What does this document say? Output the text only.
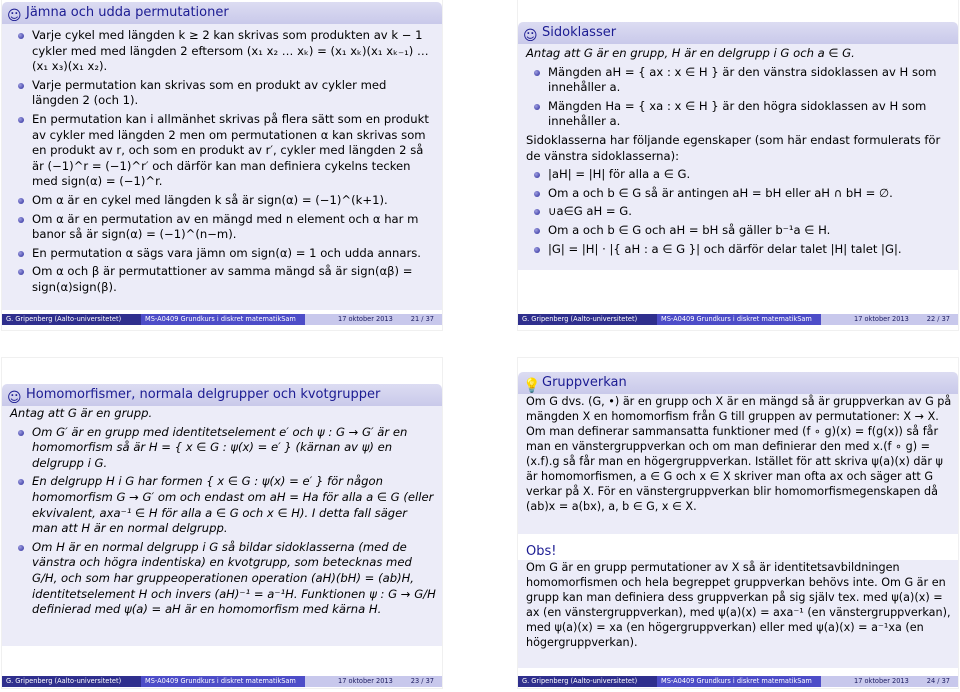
☺ Jämna och udda permutationer
Varje cykel med längden k ≥ 2 kan skrivas som produkten av k − 1 cykler med med längden 2 eftersom (x₁ x₂ … xₖ) = (x₁ xₖ)(x₁ xₖ₋₁) … (x₁ x₃)(x₁ x₂).
Varje permutation kan skrivas som en produkt av cykler med längden 2 (och 1).
En permutation kan i allmänhet skrivas på flera sätt som en produkt av cykler med längden 2 men om permutationen α kan skrivas som en produkt av r, och som en produkt av r′, cykler med längden 2 så är (−1)^r = (−1)^r′ och därför kan man definiera cykelns tecken med sign(α) = (−1)^r.
Om α är en cykel med längden k så är sign(α) = (−1)^(k+1).
Om α är en permutation av en mängd med n element och α har m banor så är sign(α) = (−1)^(n−m).
En permutation α sägs vara jämn om sign(α) = 1 och udda annars.
Om α och β är permutattioner av samma mängd så är sign(αβ) = sign(α)sign(β).
G. Gripenberg (Aalto-universitetet)	MS-A0409 Grundkurs i diskret matematikSam	17 oktober 2013	21 / 37
☺ Sidoklasser

Antag att G är en grupp, H är en delgrupp i G och a ∈ G.

Mängden aH = { ax : x ∈ H } är den vänstra sidoklassen av H som innehåller a.
Mängden Ha = { xa : x ∈ H } är den högra sidoklassen av H som innehåller a.

Sidoklasserna har följande egenskaper (som här endast formulerats för de vänstra sidoklasserna):

|aH| = |H| för alla a ∈ G.
Om a och b ∈ G så är antingen aH = bH eller aH ∩ bH = ∅.
∪a∈G aH = G.
Om a och b ∈ G och aH = bH så gäller b⁻¹a ∈ H.
|G| = |H| · |{ aH : a ∈ G }| och därför delar talet |H| talet |G|.
G. Gripenberg (Aalto-universitetet)	MS-A0409 Grundkurs i diskret matematikSam	17 oktober 2013	22 / 37
☺ Homomorfismer, normala delgrupper och kvotgrupper

Antag att G är en grupp.

Om G′ är en grupp med identitetselement e′ och ψ : G → G′ är en homomorfism så är H = { x ∈ G : ψ(x) = e′ } (kärnan av ψ) en delgrupp i G.
En delgrupp H i G har formen { x ∈ G : ψ(x) = e′ } för någon homomorfism G → G′ om och endast om aH = Ha för alla a ∈ G (eller ekvivalent, axa⁻¹ ∈ H för alla a ∈ G och x ∈ H). I detta fall säger man att H är en normal delgrupp.
Om H är en normal delgrupp i G så bildar sidoklasserna (med de vänstra och högra indentiska) en kvotgrupp, som betecknas med G/H, och som har gruppeoperationen operation (aH)(bH) = (ab)H, identitetselement H och invers (aH)⁻¹ = a⁻¹H. Funktionen ψ : G → G/H definierad med ψ(a) = aH är en homomorfism med kärna H.
G. Gripenberg (Aalto-universitetet)	MS-A0409 Grundkurs i diskret matematikSam	17 oktober 2013	23 / 37
💡 Gruppverkan

Om G dvs. (G, •) är en grupp och X är en mängd så är gruppverkan av G på mängden X en homomorfism från G till gruppen av permutationer: X → X. Om man definerar sammansatta funktioner med (f ∘ g)(x) = f(g(x)) så får man en vänstergruppverkan och om man definierar den med x.(f ∘ g) = (x.f).g så får man en högergruppverkan. Istället för att skriva ψ(a)(x) där ψ är homomorfismen, a ∈ G och x ∈ X skriver man ofta ax och säger att G verkar på X. För en vänstergruppverkan blir homomorfismegenskapen då (ab)x = a(bx), a, b ∈ G, x ∈ X.

Obs!

Om G är en grupp permutationer av X så är identitetsavbildningen homomorfismen och hela begreppet gruppverkan behövs inte. Om G är en grupp kan man definiera dess gruppverkan på sig själv tex. med ψ(a)(x) = ax (en vänstergruppverkan), med ψ(a)(x) = axa⁻¹ (en vänstergruppverkan), med ψ(a)(x) = xa (en högergruppverkan) eller med ψ(a)(x) = a⁻¹xa (en högergruppverkan).

G. Gripenberg (Aalto-universitetet)	MS-A0409 Grundkurs i diskret matematikSam	17 oktober 2013	24 / 37
